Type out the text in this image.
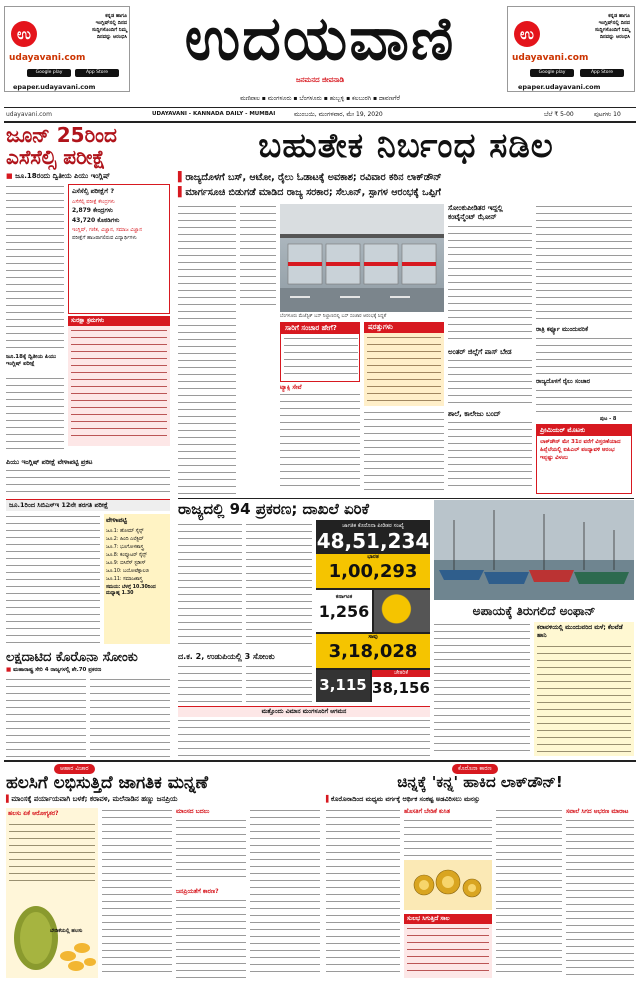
ಉ
ಕನ್ನಡ ಹಾಗೂ
ಇಂಗ್ಲಿಷ್‌ನಲ್ಲಿ ದಿನದ
ಸುದ್ದಿಗಳೊಂದಿಗೆ ನಿಮ್ಮ
ದಿನವನ್ನು ಆರಂಭಿಸಿ
udayavani.com
Google play	App Store
epaper.udayavani.com
ಉದಯವಾಣಿ
ಜನಮನದ ಜೀವನಾಡಿ
ಮಣಿಪಾಲ ▪ ಮಂಗಳೂರು ▪ ಬೆಂಗಳೂರು ▪ ಹುಬ್ಬಳ್ಳಿ ▪ ಕಲಬುರಗಿ ▪ ದಾವಣಗೆರೆ
ಉ
ಕನ್ನಡ ಹಾಗೂ
ಇಂಗ್ಲಿಷ್‌ನಲ್ಲಿ ದಿನದ
ಸುದ್ದಿಗಳೊಂದಿಗೆ ನಿಮ್ಮ
ದಿನವನ್ನು ಆರಂಭಿಸಿ
udayavani.com
Google play	App Store
epaper.udayavani.com
udayavani.com	UDAYAVANI - KANNADA DAILY - MUMBAI	ಮುಂಬಯಿ, ಮಂಗಳವಾರ, ಮೇ 19, 2020	ಬೆಲೆ ₹ 5-00	ಪುಟಗಳು 10
ಜೂನ್ 25ರಿಂದ ಎಸೆಸೆಲ್ಸಿ ಪರೀಕ್ಷೆ
■ ಜೂ.18ರಂದು ದ್ವಿತೀಯ ಪಿಯು ಇಂಗ್ಲಿಷ್
ಎಸೆಸೆಲ್ಸಿ ಪರೀಕ್ಷೆಗೆ ?
ಎಸೆಸೆಲ್ಸಿ ಪರೀಕ್ಷೆ ಕೇಂದ್ರಗಳು
2,879 ಕೇಂದ್ರಗಳು
43,720 ಕೊಠಡಿಗಳು
ಇಂಗ್ಲಿಷ್, ಗಣಿತ, ವಿಜ್ಞಾನ, ಸಮಾಜ ವಿಜ್ಞಾನ
ಪರೀಕ್ಷೆಗೆ ಹಾಜರಾಗಲಿರುವ ವಿದ್ಯಾರ್ಥಿಗಳು
ಸುರಕ್ಷಾ ಕ್ರಮಗಳು
ಜೂ.18ಕ್ಕೆ ದ್ವಿತೀಯ ಪಿಯು ಇಂಗ್ಲಿಷ್ ಪರೀಕ್ಷೆ
ಪಿಯು ಇಂಗ್ಲಿಷ್ ಪರೀಕ್ಷೆ ವೇಳಾಪಟ್ಟಿ ಪ್ರಕಟ
ಜೂ.1ರಿಂದ ಸಿಬಿಎಸ್‌ಇ 12ನೇ ತರಗತಿ ಪರೀಕ್ಷೆ
ವೇಳಾಪಟ್ಟಿ
ಜೂ.1: ಹೋಮ್ ಸೈನ್ಸ್
ಜೂ.2: ಹಿಂದಿ ಎಲೆಕ್ಟಿವ್
ಜೂ.7: ಭೂಗೋಳಶಾಸ್ತ್ರ
ಜೂ.8: ಕಂಪ್ಯೂಟರ್ ಸೈನ್ಸ್
ಜೂ.9: ಬಿಸಿನೆಸ್ ಸ್ಟಡೀಸ್
ಜೂ.10: ಬಯೋಟೆಕ್ನಾಲಜಿ
ಜೂ.11: ಸಮಾಜಶಾಸ್ತ್ರ
ಸಮಯ: ಬೆಳಗ್ಗೆ 10.30ರಿಂದ ಮಧ್ಯಾಹ್ನ 1.30
ಲಕ್ಷದಾಟಿದ ಕೊರೊನಾ ಸೋಂಕು
■ ಮಹಾರಾಷ್ಟ್ರ ಸೇರಿ 4 ರಾಜ್ಯಗಳಲ್ಲಿ ಶೇ.70 ಪ್ರಕರಣ
ಬಹುತೇಕ ನಿರ್ಬಂಧ ಸಡಿಲ
▌ರಾಜ್ಯದೊಳಗೆ ಬಸ್, ಆಟೋ, ರೈಲು ಓಡಾಟಕ್ಕೆ ಅವಕಾಶ; ರವಿವಾರ ಕಠಿನ ಲಾಕ್‌ಡೌನ್
▌ಮಾರ್ಗಸೂಚಿ ಬಿಡುಗಡೆ ಮಾಡಿದ ರಾಜ್ಯ ಸರಕಾರ; ಸೆಲೂನ್, ಸ್ಪಾಗಳ ಆರಂಭಕ್ಕೆ ಒಪ್ಪಿಗೆ
ಬೆಂಗಳೂರು ಮೆಜೆಸ್ಟಿಕ್ ಬಸ್ ನಿಲ್ದಾಣದಲ್ಲಿ ಬಸ್ ಸಂಚಾರ ಆರಂಭಕ್ಕೆ ಸಿದ್ಧತೆ
ಸಾರಿಗೆ ಸಂಚಾರ ಹೇಗೆ?	ಷರತ್ತುಗಳು
ಟ್ಯಾಕ್ಸಿ ಸೇವೆ
ಸೋಂಕುಪೀಡಿತರ ಇದ್ದಲ್ಲಿ ಕಂಟೈನ್ಮೆಂಟ್ ಝೋನ್
ಅಂತರ್ ಜಿಲ್ಲೆಗೆ ಪಾಸ್ ಬೇಡ
ಶಾಲೆ, ಕಾಲೇಜು ಬಂದ್
ರಾತ್ರಿ ಕರ್ಫ್ಯೂ ಮುಂದುವರಿಕೆ
ರಾಜ್ಯದೊಳಗೆ ರೈಲು ಸಂಚಾರ
ಪುಟ - 8
ಪ್ರೀಮಿಯರ್ ಮೊಟಕು
ಲಾಕ್‌ಡೌನ್ ಮೇ 31ರ ವರೆಗೆ ವಿಸ್ತರಣೆಯಾದ ಹಿನ್ನೆಲೆಯಲ್ಲಿ ಐಪಿಎಲ್ ಪಂದ್ಯಾವಳಿ ಆರಂಭ ಇನ್ನಷ್ಟು ವಿಳಂಬ
ರಾಜ್ಯದಲ್ಲಿ 94 ಪ್ರಕರಣ; ದಾಖಲೆ ಏರಿಕೆ
ಜಾಗತಿಕ ಕೊರೊನಾ ಪೀಡಿತರ ಸಂಖ್ಯೆ
48,51,234
ಭಾರತ
1,00,293
ಕರ್ನಾಟಕ
1,256
ಸಾವು
3,18,028
3,115
ಚೇತರಿಕೆ
38,156
ದ.ಕ. 2, ಉಡುಪಿಯಲ್ಲಿ 3 ಸೋಂಕು
ಮತ್ತೊಂದು ವಿಮಾನ ಮಂಗಳೂರಿಗೆ ಆಗಮನ
ಅಪಾಯಕ್ಕೆ ತಿರುಗಲಿದೆ ಅಂಫಾನ್
ಕರಾವಳಿಯಲ್ಲಿ ಮುಂದುವರಿದ ಮಳೆ; ಕೆಲವೆಡೆ ಹಾನಿ
ಆಹಾರ ವಿಚಾರ
ಹಲಸಿಗೆ ಲಭಿಸುತ್ತಿದೆ ಜಾಗತಿಕ ಮನ್ನಣೆ
▌ಮಾಂಸಕ್ಕೆ ಪರ್ಯಾಯವಾಗಿ ಬಳಕೆ; ಕರಾವಳಿ, ಮಲೆನಾಡಿನ ಹಣ್ಣು ಜನಪ್ರಿಯ
ಹಲಸು ಏಕೆ ಆರೋಗ್ಯಕರ?
ಬೇಡಿಕೆಯಲ್ಲಿ ಹಲಸು
ಮಾಂಸದ ಬದಲು
ಜನಪ್ರಿಯತೆಗೆ ಕಾರಣ?
ಕೊರೊನಾ ಕಾರಣ
ಚಿನ್ನಕ್ಕೆ 'ಕನ್ನ' ಹಾಕಿದ ಲಾಕ್‌ಡೌನ್!
▌ಕೊರೊನಾದಿಂದ ಮಧ್ಯಮ ವರ್ಗಕ್ಕೆ ಆರ್ಥಿಕ ಸಂಕಷ್ಟ ಅಡವಿರಿಸಲು ಮನಸ್ಸು
ಹೊಸತಿಗೆ ಬೇಡಿಕೆ ಕುಸಿತ
ಸುಲಭ ಸಿಗುತ್ತಿದೆ ಸಾಲ
ಸವಾಲೆ ಸಿಗದ ಆಭರಣ ಮಾರಾಟ
